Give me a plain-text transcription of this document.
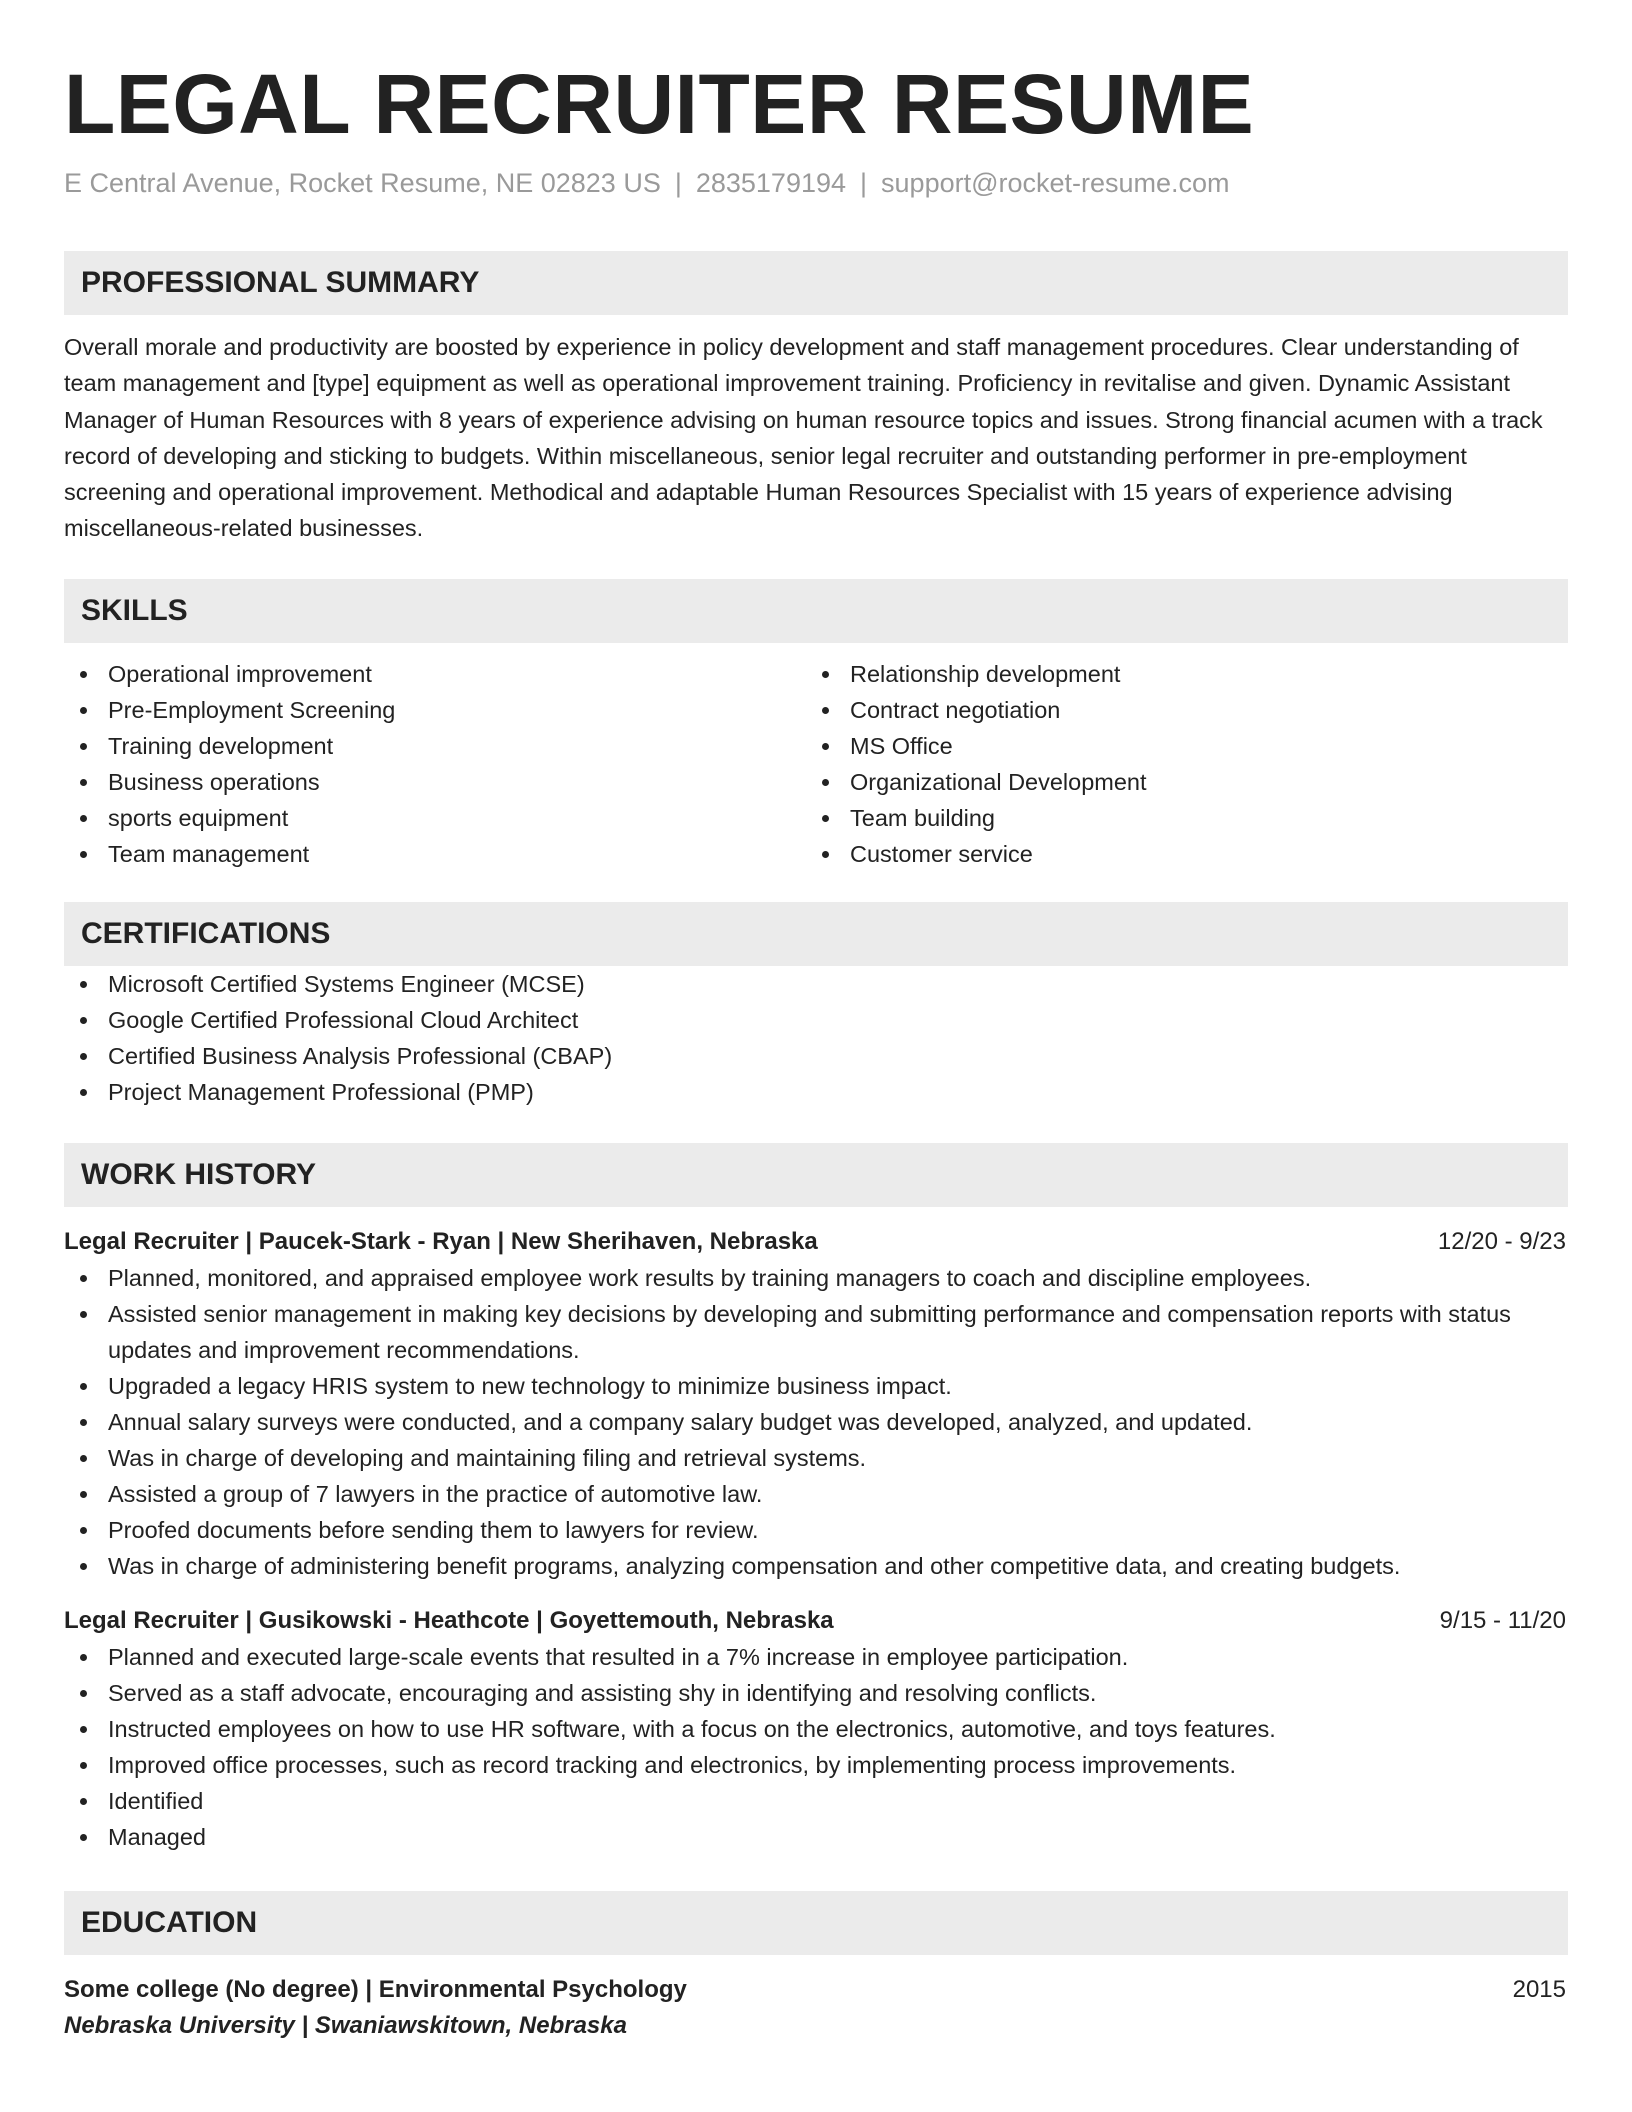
LEGAL RECRUITER RESUME
E Central Avenue, Rocket Resume, NE 02823 US | 2835179194 | support@rocket-resume.com
PROFESSIONAL SUMMARY
Overall morale and productivity are boosted by experience in policy development and staff management procedures. Clear understanding of team management and [type] equipment as well as operational improvement training. Proficiency in revitalise and given. Dynamic Assistant Manager of Human Resources with 8 years of experience advising on human resource topics and issues. Strong financial acumen with a track record of developing and sticking to budgets. Within miscellaneous, senior legal recruiter and outstanding performer in pre-employment screening and operational improvement. Methodical and adaptable Human Resources Specialist with 15 years of experience advising miscellaneous-related businesses.
SKILLS
Operational improvement
Pre-Employment Screening
Training development
Business operations
sports equipment
Team management
Relationship development
Contract negotiation
MS Office
Organizational Development
Team building
Customer service
CERTIFICATIONS
Microsoft Certified Systems Engineer (MCSE)
Google Certified Professional Cloud Architect
Certified Business Analysis Professional (CBAP)
Project Management Professional (PMP)
WORK HISTORY
Legal Recruiter | Paucek-Stark - Ryan | New Sherihaven, Nebraska	12/20 - 9/23
Planned, monitored, and appraised employee work results by training managers to coach and discipline employees.
Assisted senior management in making key decisions by developing and submitting performance and compensation reports with status updates and improvement recommendations.
Upgraded a legacy HRIS system to new technology to minimize business impact.
Annual salary surveys were conducted, and a company salary budget was developed, analyzed, and updated.
Was in charge of developing and maintaining filing and retrieval systems.
Assisted a group of 7 lawyers in the practice of automotive law.
Proofed documents before sending them to lawyers for review.
Was in charge of administering benefit programs, analyzing compensation and other competitive data, and creating budgets.
Legal Recruiter | Gusikowski - Heathcote | Goyettemouth, Nebraska	9/15 - 11/20
Planned and executed large-scale events that resulted in a 7% increase in employee participation.
Served as a staff advocate, encouraging and assisting shy in identifying and resolving conflicts.
Instructed employees on how to use HR software, with a focus on the electronics, automotive, and toys features.
Improved office processes, such as record tracking and electronics, by implementing process improvements.
Identified
Managed
EDUCATION
Some college (No degree) | Environmental Psychology	2015
Nebraska University | Swaniawskitown, Nebraska
